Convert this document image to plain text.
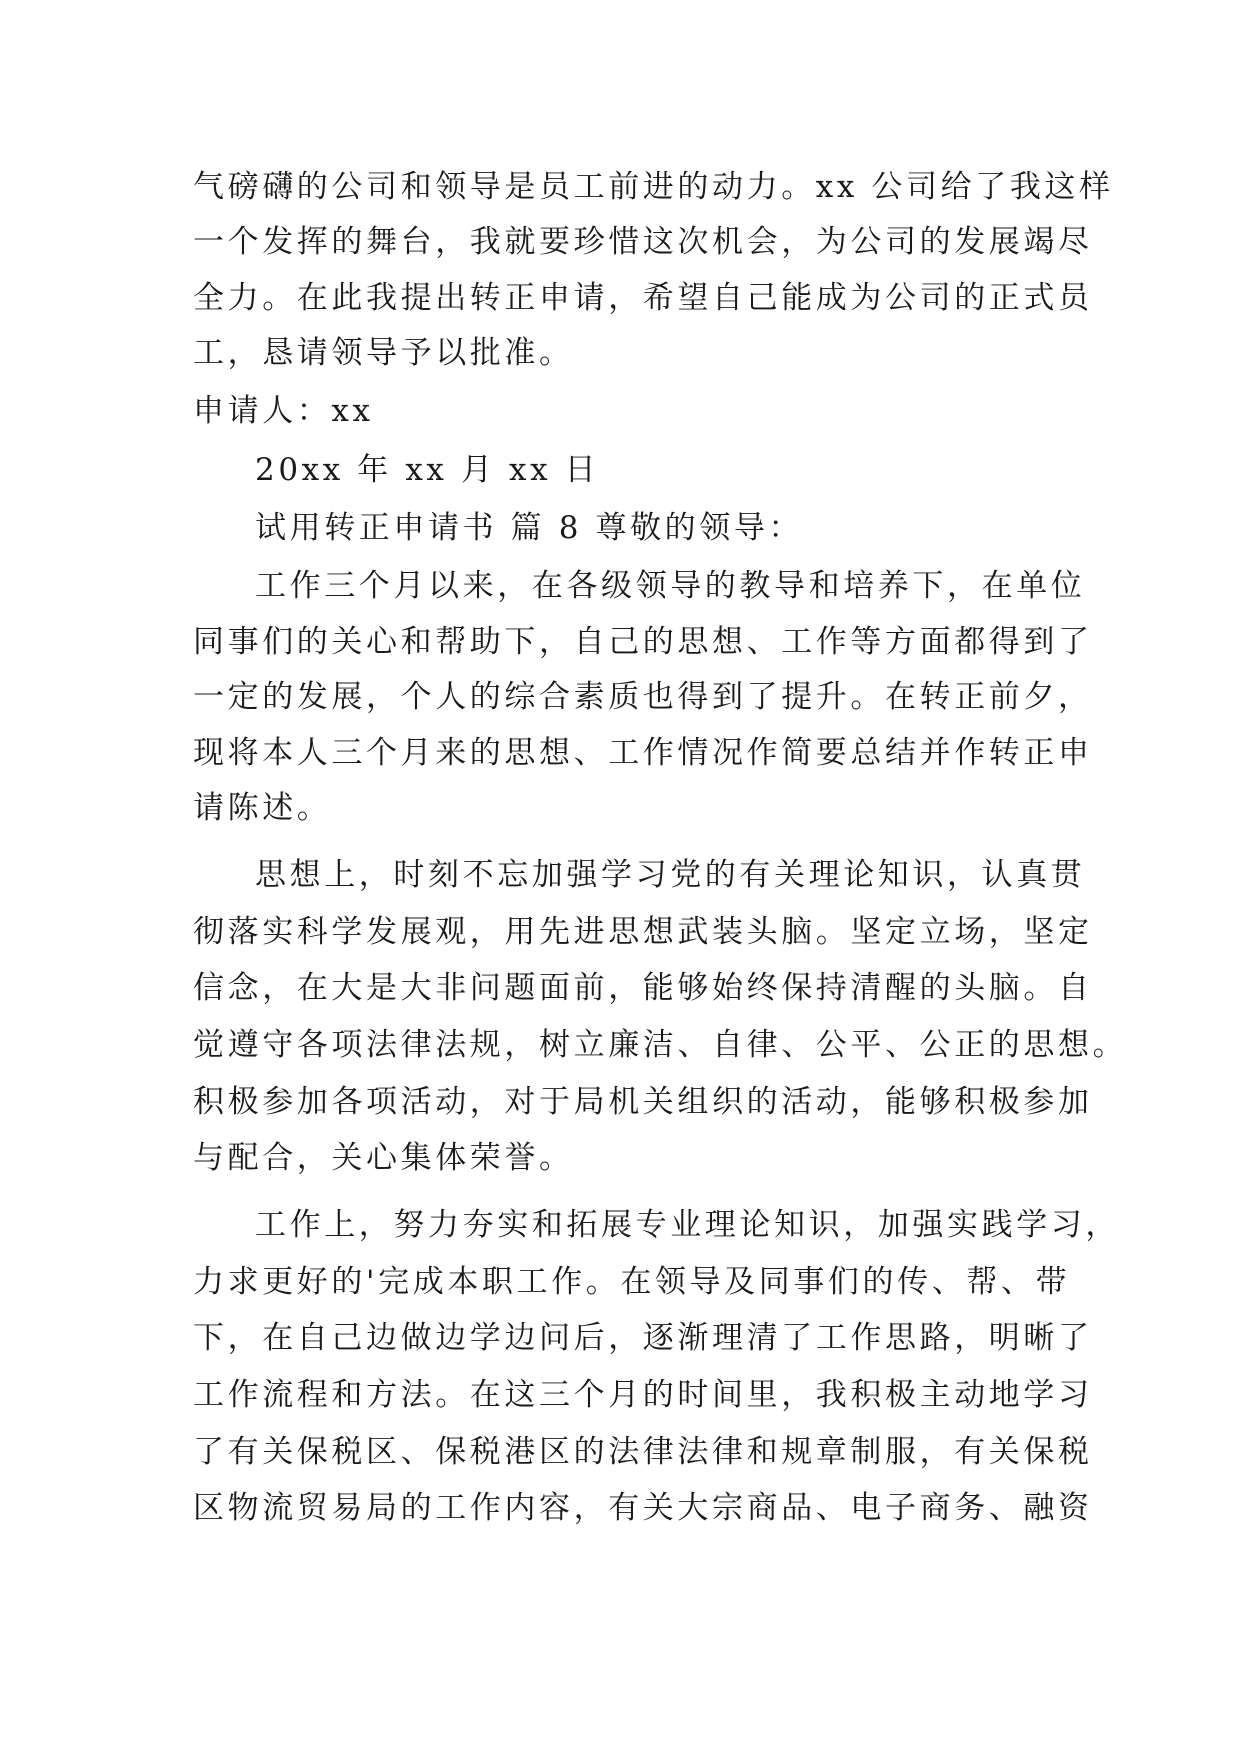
气磅礴的公司和领导是员工前进的动力。xx 公司给了我这样
一个发挥的舞台，我就要珍惜这次机会，为公司的发展竭尽
全力。在此我提出转正申请，希望自己能成为公司的正式员
工，恳请领导予以批准。
申请人：xx
20xx 年 xx 月 xx 日
试用转正申请书 篇 8 尊敬的领导：
工作三个月以来，在各级领导的教导和培养下，在单位
同事们的关心和帮助下，自己的思想、工作等方面都得到了
一定的发展，个人的综合素质也得到了提升。在转正前夕，
现将本人三个月来的思想、工作情况作简要总结并作转正申
请陈述。
思想上，时刻不忘加强学习党的有关理论知识，认真贯
彻落实科学发展观，用先进思想武装头脑。坚定立场，坚定
信念，在大是大非问题面前，能够始终保持清醒的头脑。自
觉遵守各项法律法规，树立廉洁、自律、公平、公正的思想。
积极参加各项活动，对于局机关组织的活动，能够积极参加
与配合，关心集体荣誉。
工作上，努力夯实和拓展专业理论知识，加强实践学习，
力求更好的'完成本职工作。在领导及同事们的传、帮、带
下，在自己边做边学边问后，逐渐理清了工作思路，明晰了
工作流程和方法。在这三个月的时间里，我积极主动地学习
了有关保税区、保税港区的法律法律和规章制服，有关保税
区物流贸易局的工作内容，有关大宗商品、电子商务、融资
